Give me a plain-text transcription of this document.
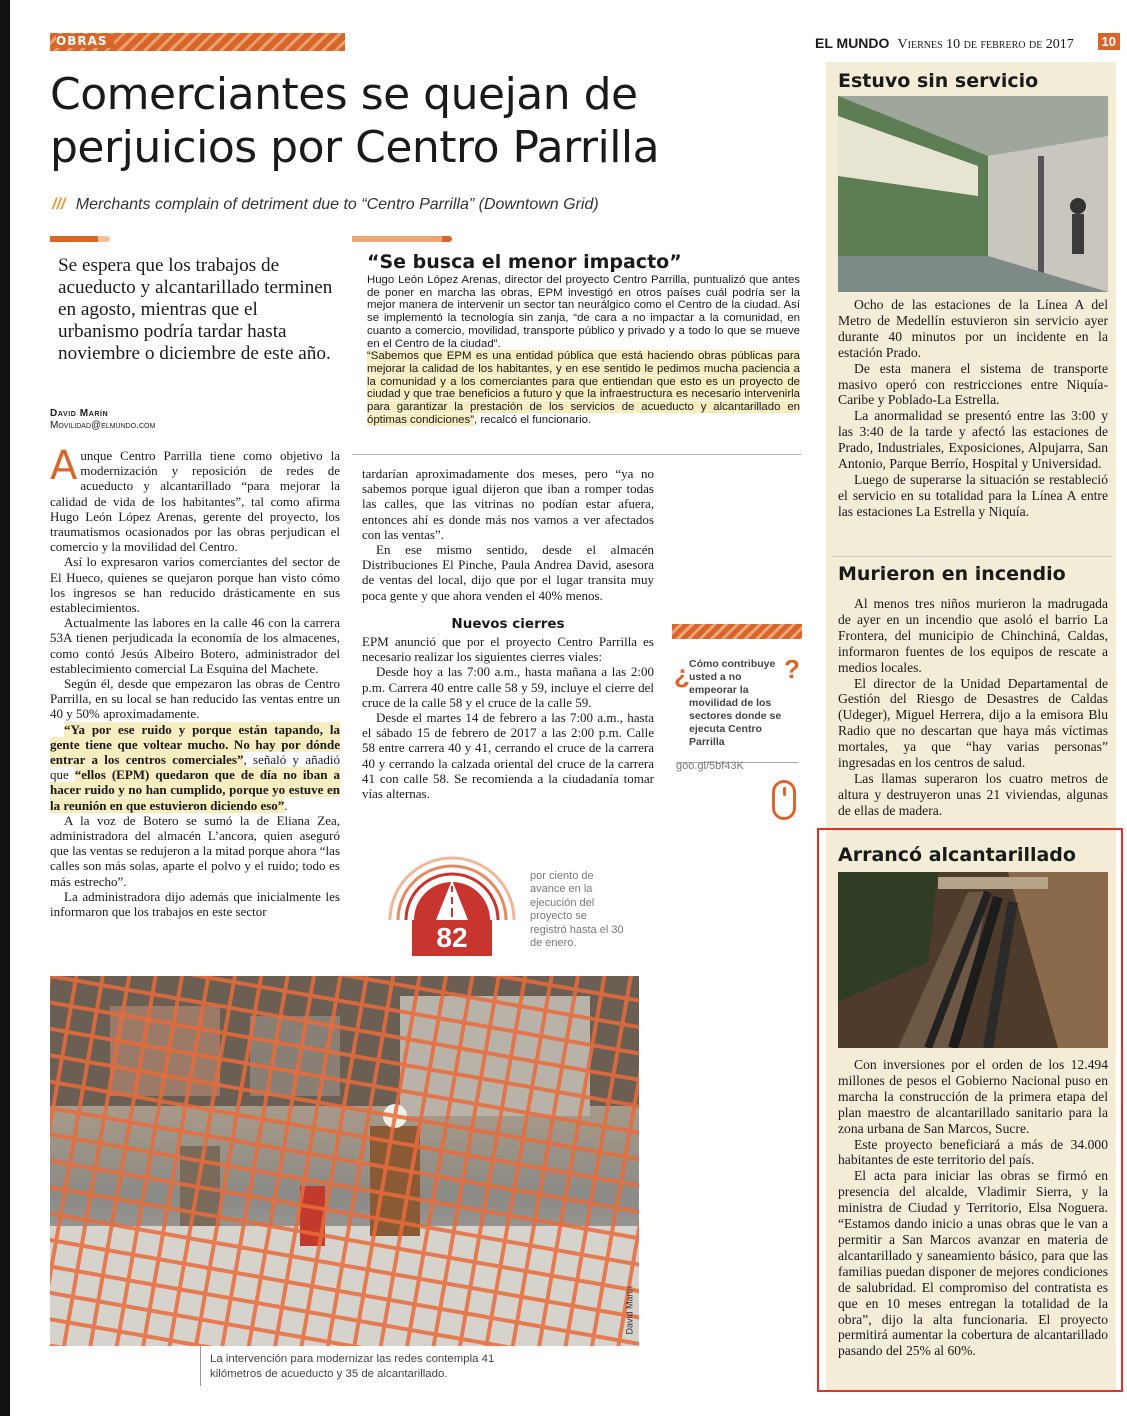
OBRAS	EL MUNDO Viernes 10 de febrero de 2017	10
Comerciantes se quejan de
perjuicios por Centro Parrilla
/// Merchants complain of detriment due to “Centro Parrilla” (Downtown Grid)
Se espera que los trabajos de acueducto y alcantarillado terminen en agosto, mientras que el urbanismo podría tardar hasta noviembre o diciembre de este año.
David Marín
Movilidad@elmundo.com
“Se busca el menor impacto”
Hugo León López Arenas, director del proyecto Centro Parrilla, puntualizó que antes de poner en marcha las obras, EPM investigó en otros países cuál podría ser la mejor manera de intervenir un sector tan neurálgico como el Centro de la ciudad. Así se implementó la tecnología sin zanja, “de cara a no impactar a la comunidad, en cuanto a comercio, movilidad, transporte público y privado y a todo lo que se mueve en el Centro de la ciudad”.
“Sabemos que EPM es una entidad pública que está haciendo obras públicas para mejorar la calidad de los habitantes, y en ese sentido le pedimos mucha paciencia a la comunidad y a los comerciantes para que entiendan que esto es un proyecto de ciudad y que trae beneficios a futuro y que la infraestructura es necesario intervenirla para garantizar la prestación de los servicios de acueducto y alcantarillado en óptimas condiciones”, recalcó el funcionario.

Aunque Centro Parrilla tiene como objetivo la modernización y reposición de redes de acueducto y alcantarillado “para mejorar la calidad de vida de los habitantes”, tal como afirma Hugo León López Arenas, gerente del proyecto, los traumatismos ocasionados por las obras perjudican el comercio y la movilidad del Centro.

Así lo expresaron varios comerciantes del sector de El Hueco, quienes se quejaron porque han visto cómo los ingresos se han reducido drásticamente en sus establecimientos.

Actualmente las labores en la calle 46 con la carrera 53A tienen perjudicada la economía de los almacenes, como contó Jesús Albeiro Botero, administrador del establecimiento comercial La Esquina del Machete.

Según él, desde que empezaron las obras de Centro Parrilla, en su local se han reducido las ventas entre un 40 y 50% aproximadamente.

“Ya por ese ruido y porque están tapando, la gente tiene que voltear mucho. No hay por dónde entrar a los centros comerciales”, señaló y añadió que “ellos (EPM) quedaron que de día no iban a hacer ruido y no han cumplido, porque yo estuve en la reunión en que estuvieron diciendo eso”.

A la voz de Botero se sumó la de Eliana Zea, administradora del almacén L’ancora, quien aseguró que las ventas se redujeron a la mitad porque ahora “las calles son más solas, aparte el polvo y el ruido; todo es más estrecho”.

La administradora dijo además que inicialmente les informaron que los trabajos en este sector

tardarían aproximadamente dos meses, pero “ya no sabemos porque igual dijeron que iban a romper todas las calles, que las vitrinas no podían estar afuera, entonces ahí es donde más nos vamos a ver afectados con las ventas”.

En ese mismo sentido, desde el almacén Distribuciones El Pinche, Paula Andrea David, asesora de ventas del local, dijo que por el lugar transita muy poca gente y que ahora venden el 40% menos.

Nuevos cierres

EPM anunció que por el proyecto Centro Parrilla es necesario realizar los siguientes cierres viales:

Desde hoy a las 7:00 a.m., hasta mañana a las 2:00 p.m. Carrera 40 entre calle 58 y 59, incluye el cierre del cruce de la calle 58 y el cruce de la calle 59.

Desde el martes 14 de febrero a las 7:00 a.m., hasta el sábado 15 de febrero de 2017 a las 2:00 p.m. Calle 58 entre carrera 40 y 41, cerrando el cruce de la carrera 40 y cerrando la calzada oriental del cruce de la carrera 41 con calle 58. Se recomienda a la ciudadanía tomar vías alternas.

¿	?
Cómo contribuye usted a no empeorar la movilidad de los sectores donde se ejecuta Centro Parrilla
goo.gl/5bf43K
82
por ciento de avance en la ejecución del proyecto se registró hasta el 30 de enero.
David Marín
La intervención para modernizar las redes contempla 41 kilómetros de acueducto y 35 de alcantarillado.
Estuvo sin servicio

Ocho de las estaciones de la Línea A del Metro de Medellín estuvieron sin servicio ayer durante 40 minutos por un incidente en la estación Prado.

De esta manera el sistema de transporte masivo operó con restricciones entre Niquía-Caribe y Poblado-La Estrella.

La anormalidad se presentó entre las 3:00 y las 3:40 de la tarde y afectó las estaciones de Prado, Industriales, Exposiciones, Alpujarra, San Antonio, Parque Berrío, Hospital y Universidad.

Luego de superarse la situación se restableció el servicio en su totalidad para la Línea A entre las estaciones La Estrella y Niquía.

Murieron en incendio

Al menos tres niños murieron la madrugada de ayer en un incendio que asoló el barrio La Frontera, del municipio de Chinchiná, Caldas, informaron fuentes de los equipos de rescate a medios locales.

El director de la Unidad Departamental de Gestión del Riesgo de Desastres de Caldas (Udeger), Miguel Herrera, dijo a la emisora Blu Radio que no descartan que haya más víctimas mortales, ya que “hay varias personas” ingresadas en los centros de salud.

Las llamas superaron los cuatro metros de altura y destruyeron unas 21 viviendas, algunas de ellas de madera.

Arrancó alcantarillado

Con inversiones por el orden de los 12.494 millones de pesos el Gobierno Nacional puso en marcha la construcción de la primera etapa del plan maestro de alcantarillado sanitario para la zona urbana de San Marcos, Sucre.

Este proyecto beneficiará a más de 34.000 habitantes de este territorio del país.

El acta para iniciar las obras se firmó en presencia del alcalde, Vladimir Sierra, y la ministra de Ciudad y Territorio, Elsa Noguera. “Estamos dando inicio a unas obras que le van a permitir a San Marcos avanzar en materia de alcantarillado y saneamiento básico, para que las familias puedan disponer de mejores condiciones de salubridad. El compromiso del contratista es que en 10 meses entregan la totalidad de la obra”, dijo la alta funcionaria. El proyecto permitirá aumentar la cobertura de alcantarillado pasando del 25% al 60%.
